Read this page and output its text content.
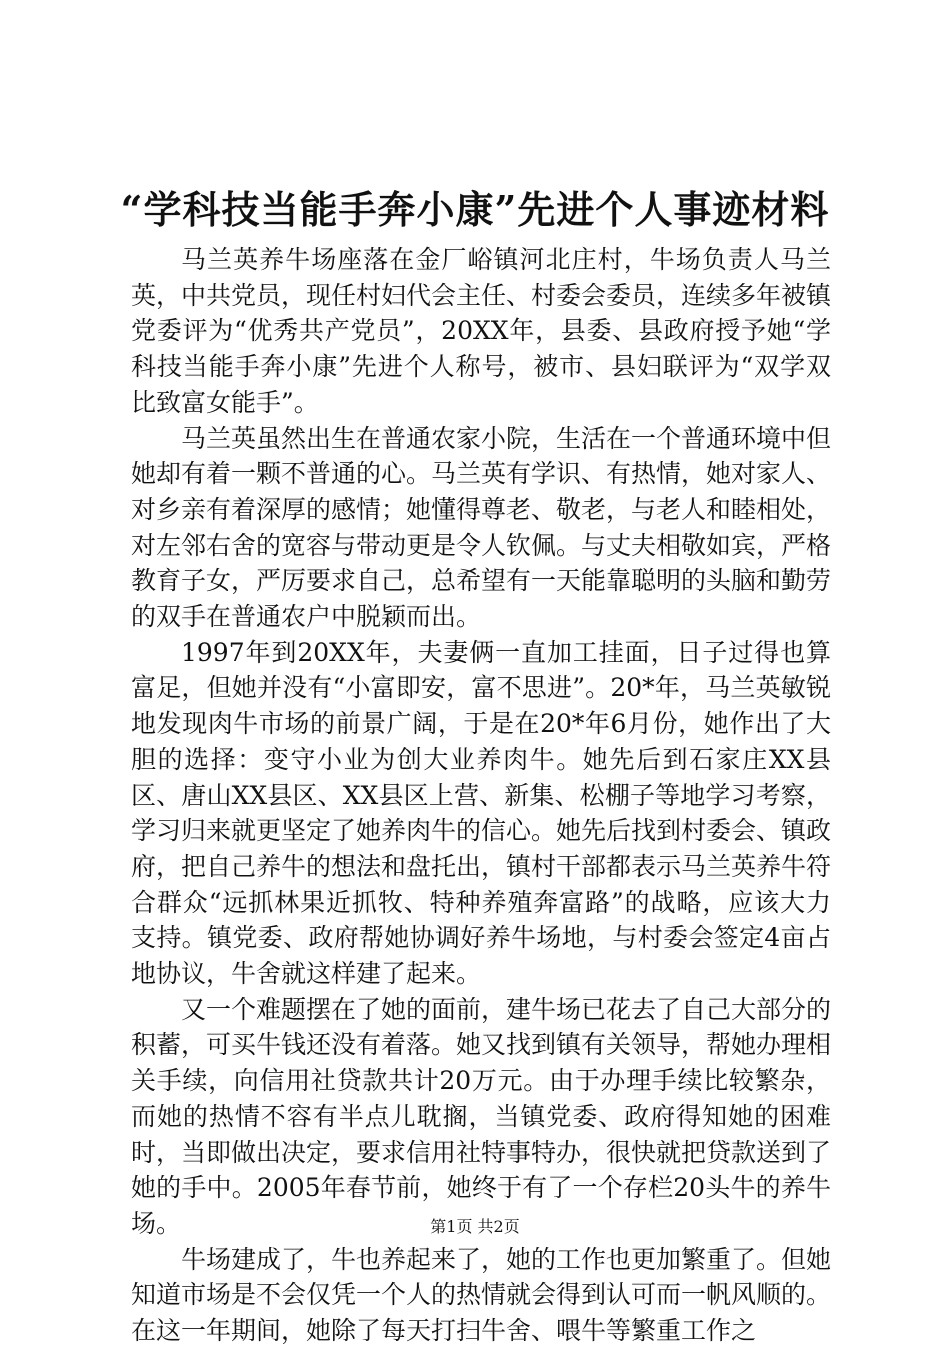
“学科技当能手奔小康”先进个人事迹材料

马兰英养牛场座落在金厂峪镇河北庄村，牛场负责人马兰英，中共党员，现任村妇代会主任、村委会委员，连续多年被镇党委评为“优秀共产党员”，20XX年，县委、县政府授予她“学科技当能手奔小康”先进个人称号，被市、县妇联评为“双学双比致富女能手”。

马兰英虽然出生在普通农家小院，生活在一个普通环境中但她却有着一颗不普通的心。马兰英有学识、有热情，她对家人、对乡亲有着深厚的感情；她懂得尊老、敬老，与老人和睦相处，对左邻右舍的宽容与带动更是令人钦佩。与丈夫相敬如宾，严格教育子女，严厉要求自己，总希望有一天能靠聪明的头脑和勤劳的双手在普通农户中脱颖而出。

1997年到20XX年，夫妻俩一直加工挂面，日子过得也算富足，但她并没有“小富即安，富不思进”。20*年，马兰英敏锐地发现肉牛市场的前景广阔，于是在20*年6月份，她作出了大胆的选择：变守小业为创大业养肉牛。她先后到石家庄XX县区、唐山XX县区、XX县区上营、新集、松棚子等地学习考察，学习归来就更坚定了她养肉牛的信心。她先后找到村委会、镇政府，把自己养牛的想法和盘托出，镇村干部都表示马兰英养牛符合群众“远抓林果近抓牧、特种养殖奔富路”的战略，应该大力支持。镇党委、政府帮她协调好养牛场地，与村委会签定4亩占地协议，牛舍就这样建了起来。

又一个难题摆在了她的面前，建牛场已花去了自己大部分的积蓄，可买牛钱还没有着落。她又找到镇有关领导，帮她办理相关手续，向信用社贷款共计20万元。由于办理手续比较繁杂，而她的热情不容有半点儿耽搁，当镇党委、政府得知她的困难时，当即做出决定，要求信用社特事特办，很快就把贷款送到了她的手中。2005年春节前，她终于有了一个存栏20头牛的养牛场。

牛场建成了，牛也养起来了，她的工作也更加繁重了。但她知道市场是不会仅凭一个人的热情就会得到认可而一帆风顺的。在这一年期间，她除了每天打扫牛舍、喂牛等繁重工作之

第1页 共2页
